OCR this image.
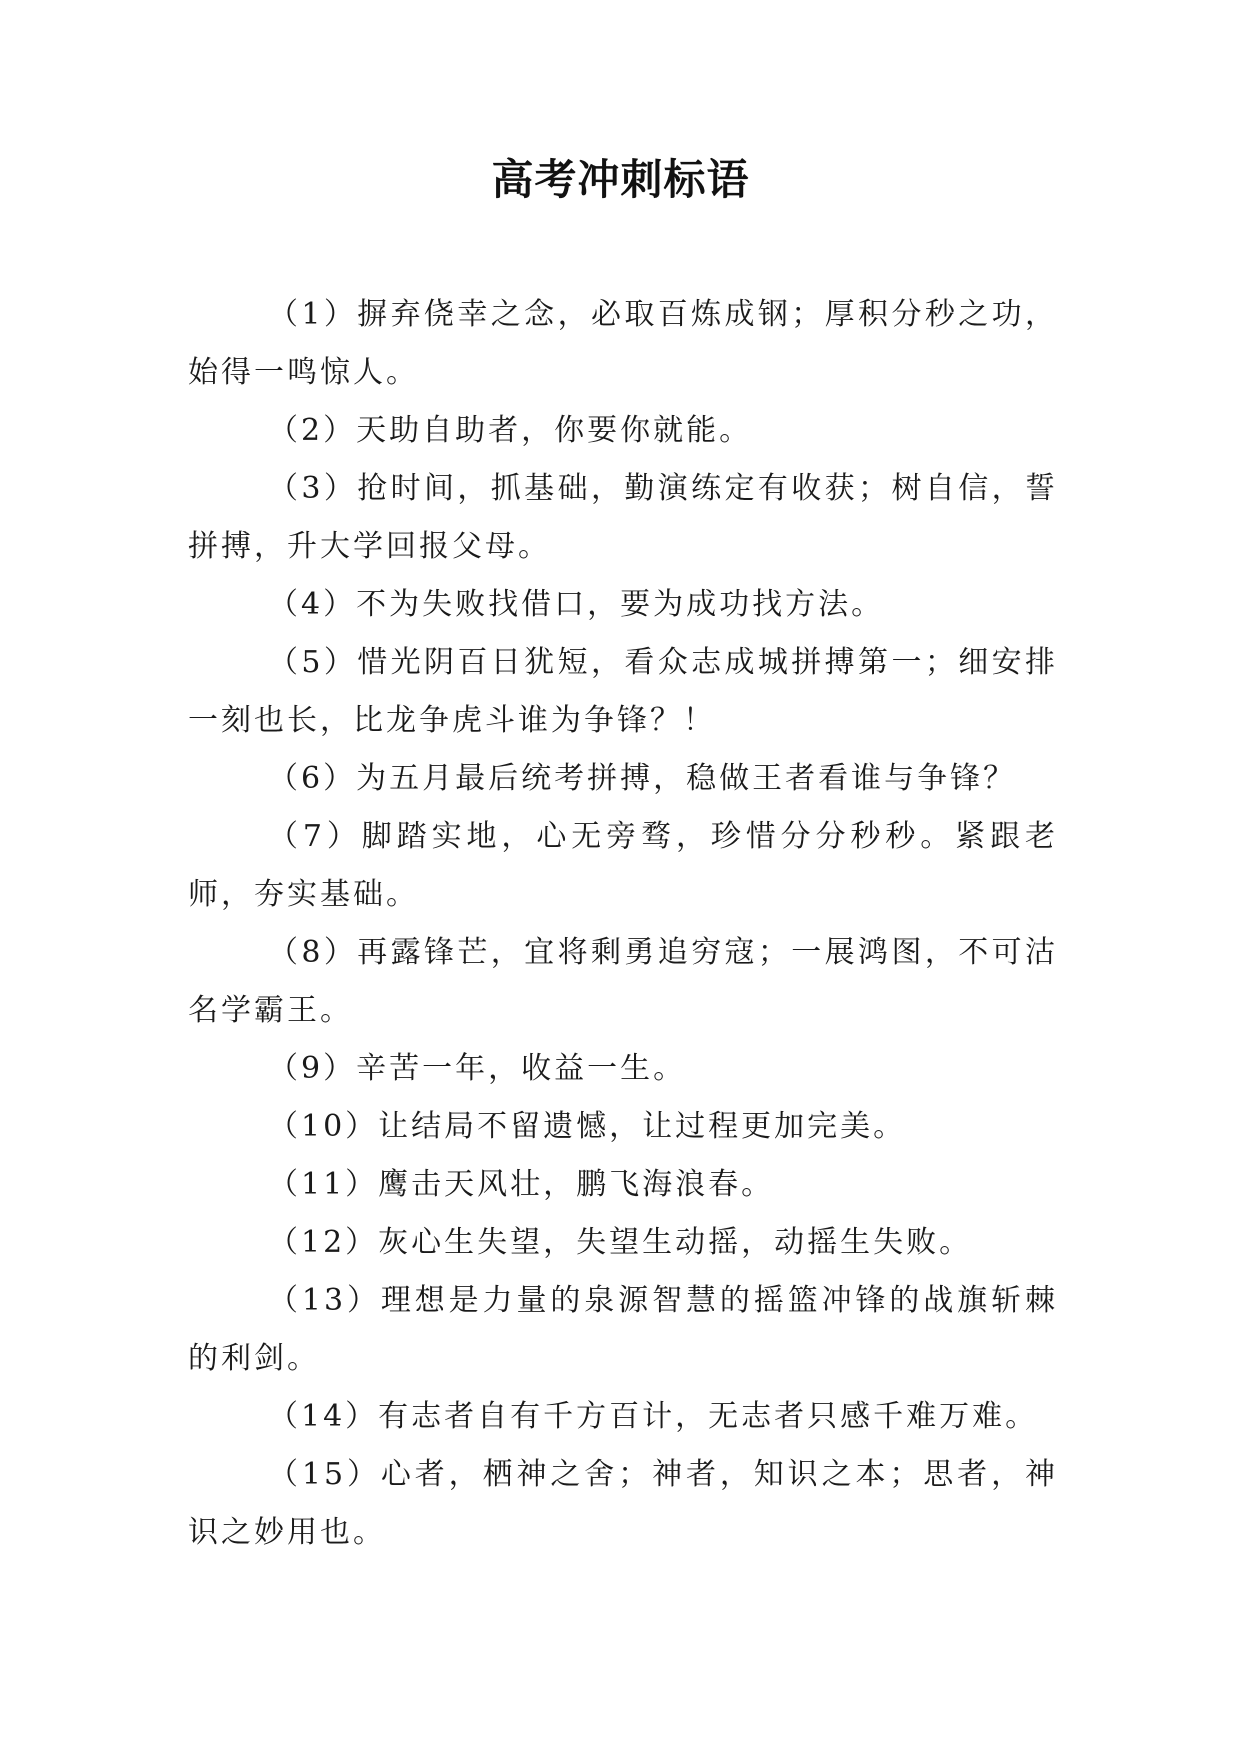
高考冲刺标语

（1）摒弃侥幸之念，必取百炼成钢；厚积分秒之功，始得一鸣惊人。

（2）天助自助者，你要你就能。

（3）抢时间，抓基础，勤演练定有收获；树自信，誓拼搏，升大学回报父母。

（4）不为失败找借口，要为成功找方法。

（5）惜光阴百日犹短，看众志成城拼搏第一；细安排一刻也长，比龙争虎斗谁为争锋？！

（6）为五月最后统考拼搏，稳做王者看谁与争锋？

（7）脚踏实地，心无旁骛，珍惜分分秒秒。紧跟老师，夯实基础。

（8）再露锋芒，宜将剩勇追穷寇；一展鸿图，不可沽名学霸王。

（9）辛苦一年，收益一生。

（10）让结局不留遗憾，让过程更加完美。

（11）鹰击天风壮，鹏飞海浪春。

（12）灰心生失望，失望生动摇，动摇生失败。

（13）理想是力量的泉源智慧的摇篮冲锋的战旗斩棘的利剑。

（14）有志者自有千方百计，无志者只感千难万难。

（15）心者，栖神之舍；神者，知识之本；思者，神识之妙用也。
